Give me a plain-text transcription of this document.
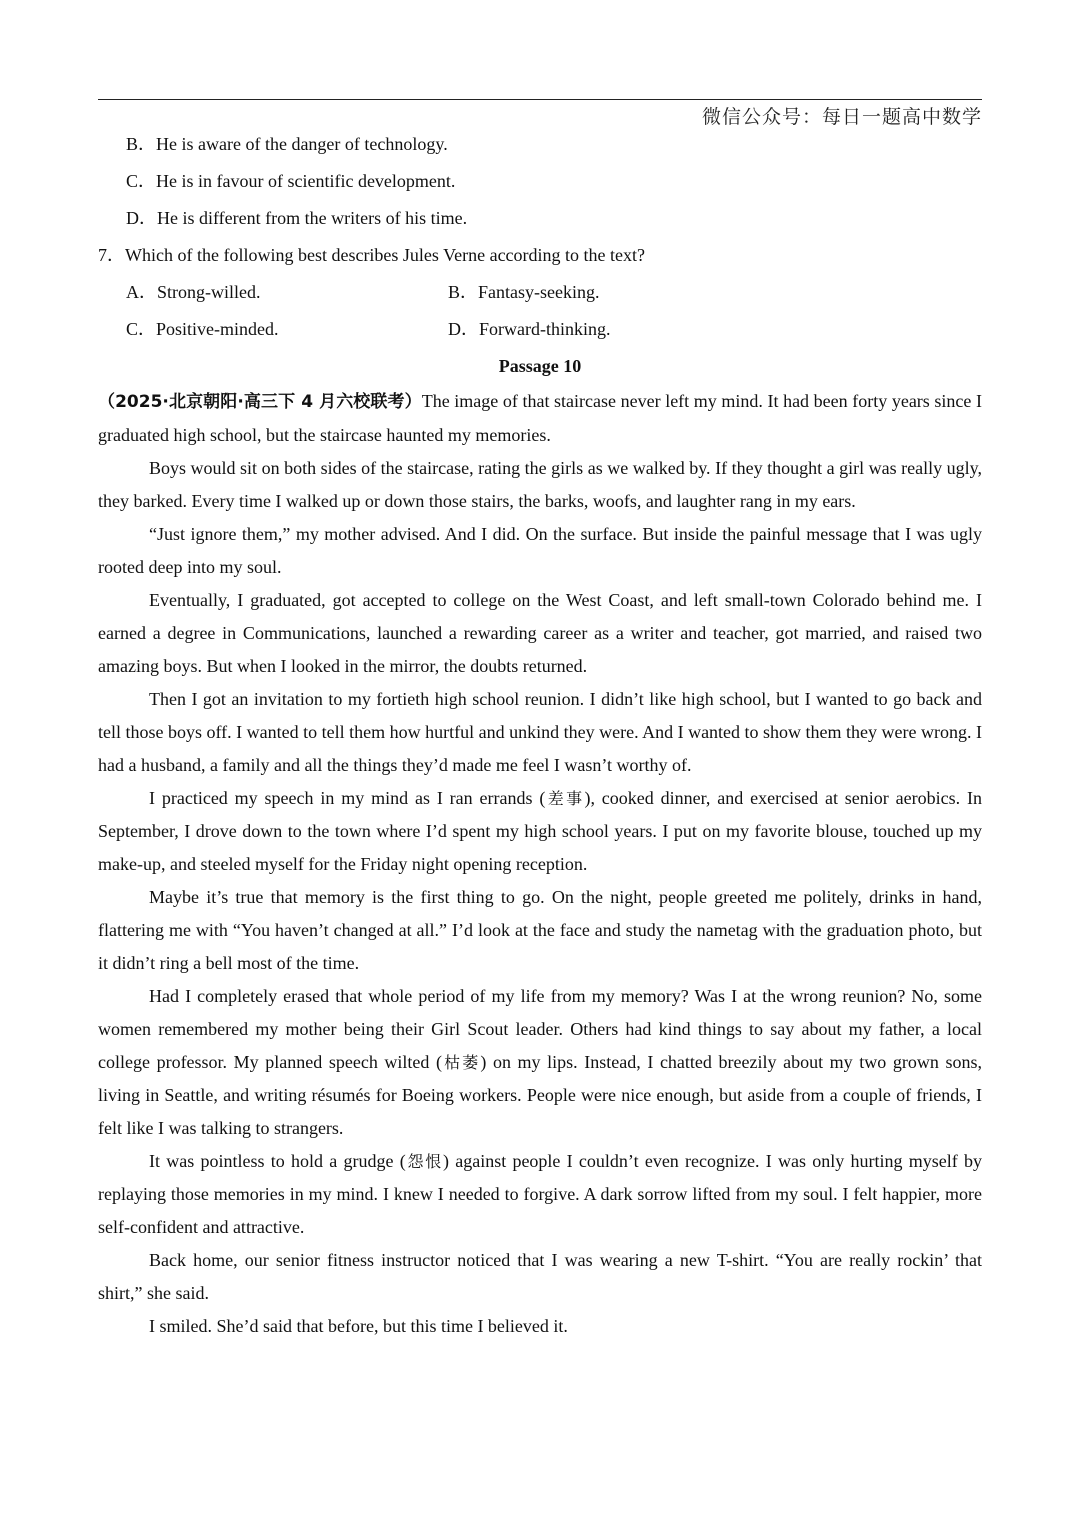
微信公众号：每日一题高中数学
B．He is aware of the danger of technology.
C．He is in favour of scientific development.
D．He is different from the writers of his time.
7．Which of the following best describes Jules Verne according to the text?
A．Strong-willed.	B．Fantasy-seeking.
C．Positive-minded.	D．Forward-thinking.
Passage 10

（2025·北京朝阳·高三下 4 月六校联考）The image of that staircase never left my mind. It had been forty years since I graduated high school, but the staircase haunted my memories.

Boys would sit on both sides of the staircase, rating the girls as we walked by. If they thought a girl was really ugly, they barked. Every time I walked up or down those stairs, the barks, woofs, and laughter rang in my ears.

“Just ignore them,” my mother advised. And I did. On the surface. But inside the painful message that I was ugly rooted deep into my soul.

Eventually, I graduated, got accepted to college on the West Coast, and left small-town Colorado behind me. I earned a degree in Communications, launched a rewarding career as a writer and teacher, got married, and raised two amazing boys. But when I looked in the mirror, the doubts returned.

Then I got an invitation to my fortieth high school reunion. I didn’t like high school, but I wanted to go back and tell those boys off. I wanted to tell them how hurtful and unkind they were. And I wanted to show them they were wrong. I had a husband, a family and all the things they’d made me feel I wasn’t worthy of.

I practiced my speech in my mind as I ran errands (差事), cooked dinner, and exercised at senior aerobics. In September, I drove down to the town where I’d spent my high school years. I put on my favorite blouse, touched up my make-up, and steeled myself for the Friday night opening reception.

Maybe it’s true that memory is the first thing to go. On the night, people greeted me politely, drinks in hand, flattering me with “You haven’t changed at all.” I’d look at the face and study the nametag with the graduation photo, but it didn’t ring a bell most of the time.

Had I completely erased that whole period of my life from my memory? Was I at the wrong reunion? No, some women remembered my mother being their Girl Scout leader. Others had kind things to say about my father, a local college professor. My planned speech wilted (枯萎) on my lips. Instead, I chatted breezily about my two grown sons, living in Seattle, and writing résumés for Boeing workers. People were nice enough, but aside from a couple of friends, I felt like I was talking to strangers.

It was pointless to hold a grudge (怨恨) against people I couldn’t even recognize. I was only hurting myself by replaying those memories in my mind. I knew I needed to forgive. A dark sorrow lifted from my soul. I felt happier, more self-confident and attractive.

Back home, our senior fitness instructor noticed that I was wearing a new T-shirt. “You are really rockin’ that shirt,” she said.

I smiled. She’d said that before, but this time I believed it.
